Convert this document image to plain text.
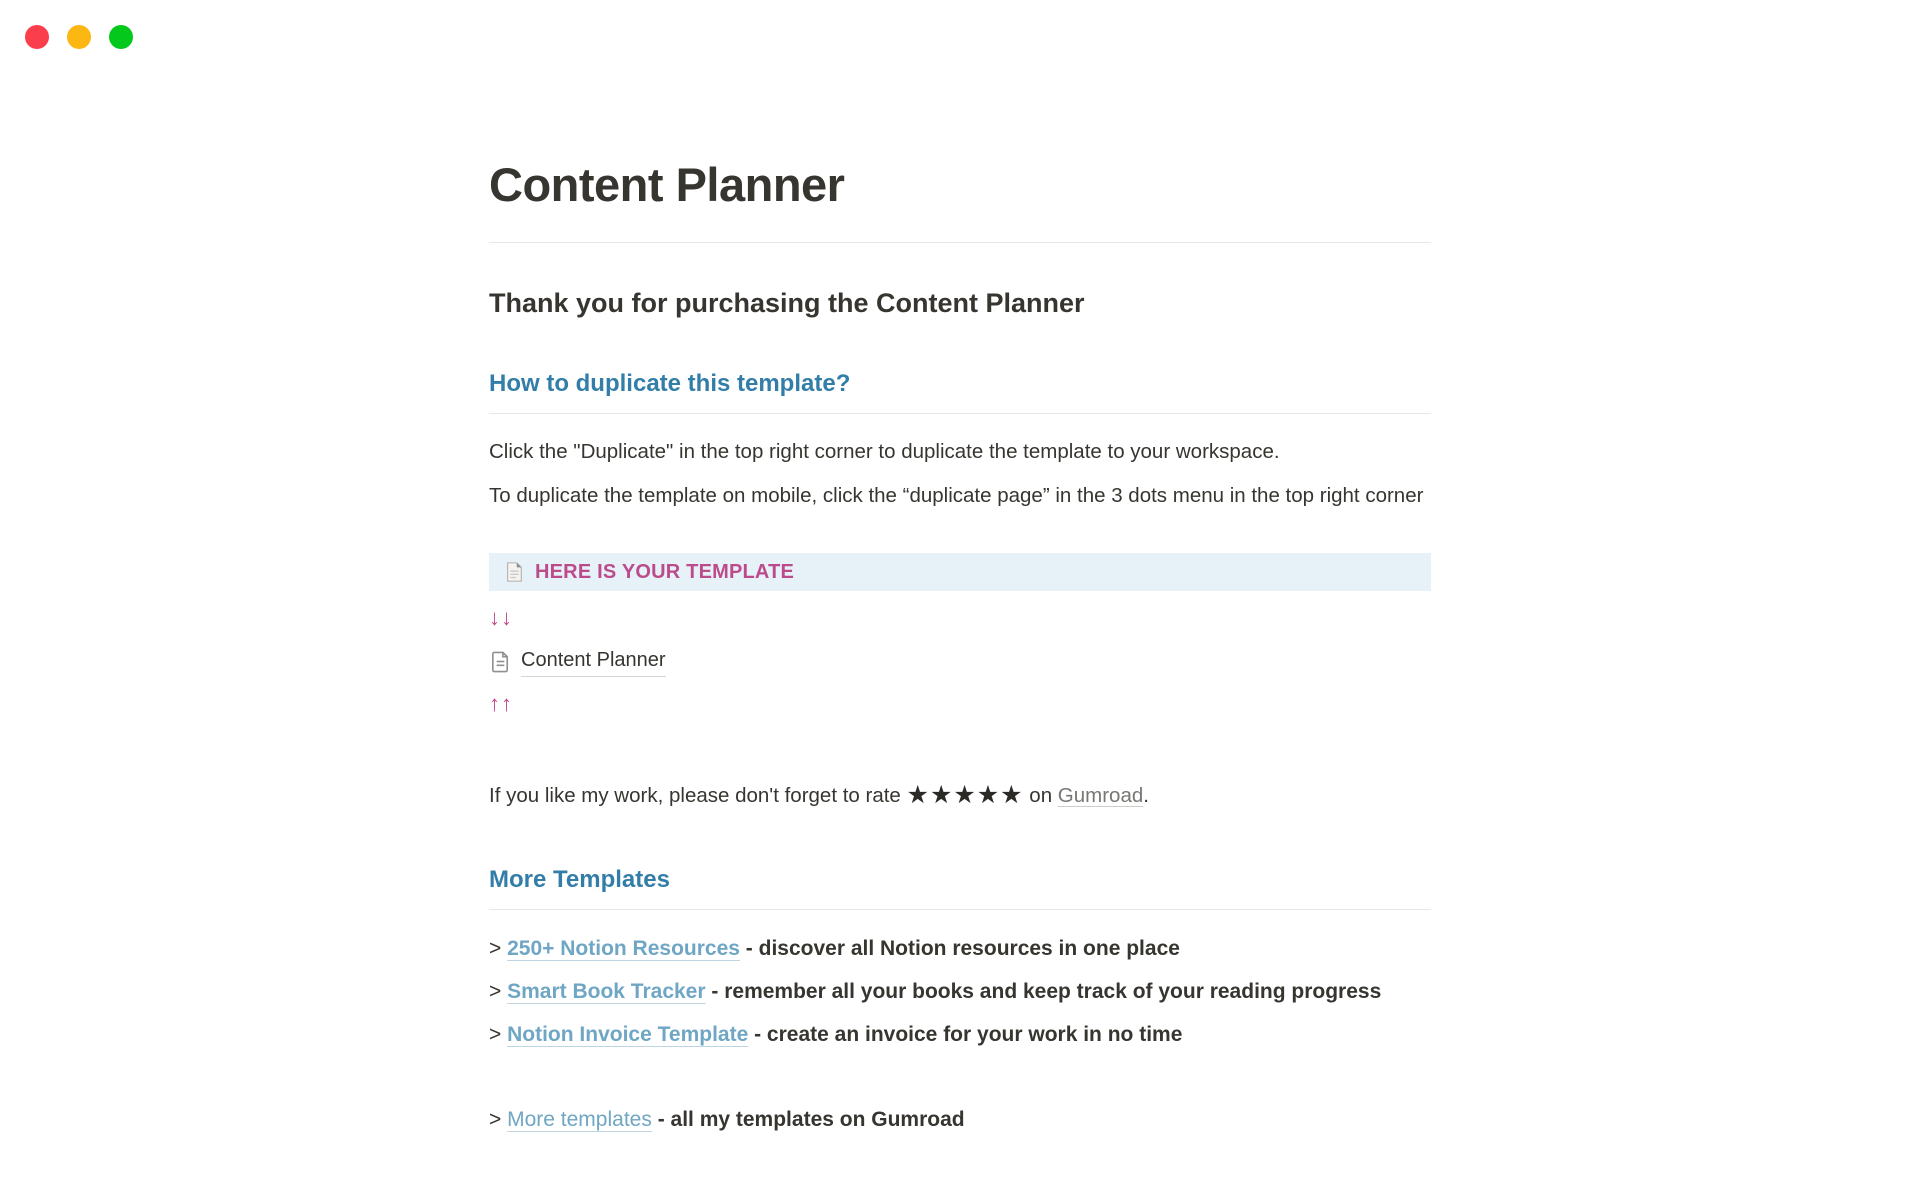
Content Planner
Thank you for purchasing the Content Planner
How to duplicate this template?

Click the "Duplicate" in the top right corner to duplicate the template to your workspace.

To duplicate the template on mobile, click the “duplicate page” in the 3 dots menu in the top right corner

HERE IS YOUR TEMPLATE
↓↓
Content Planner
↑↑

If you like my work, please don't forget to rate ★★★★★ on Gumroad.

More Templates

> 250+ Notion Resources - discover all Notion resources in one place

> Smart Book Tracker - remember all your books and keep track of your reading progress

> Notion Invoice Template - create an invoice for your work in no time

> More templates - all my templates on Gumroad
